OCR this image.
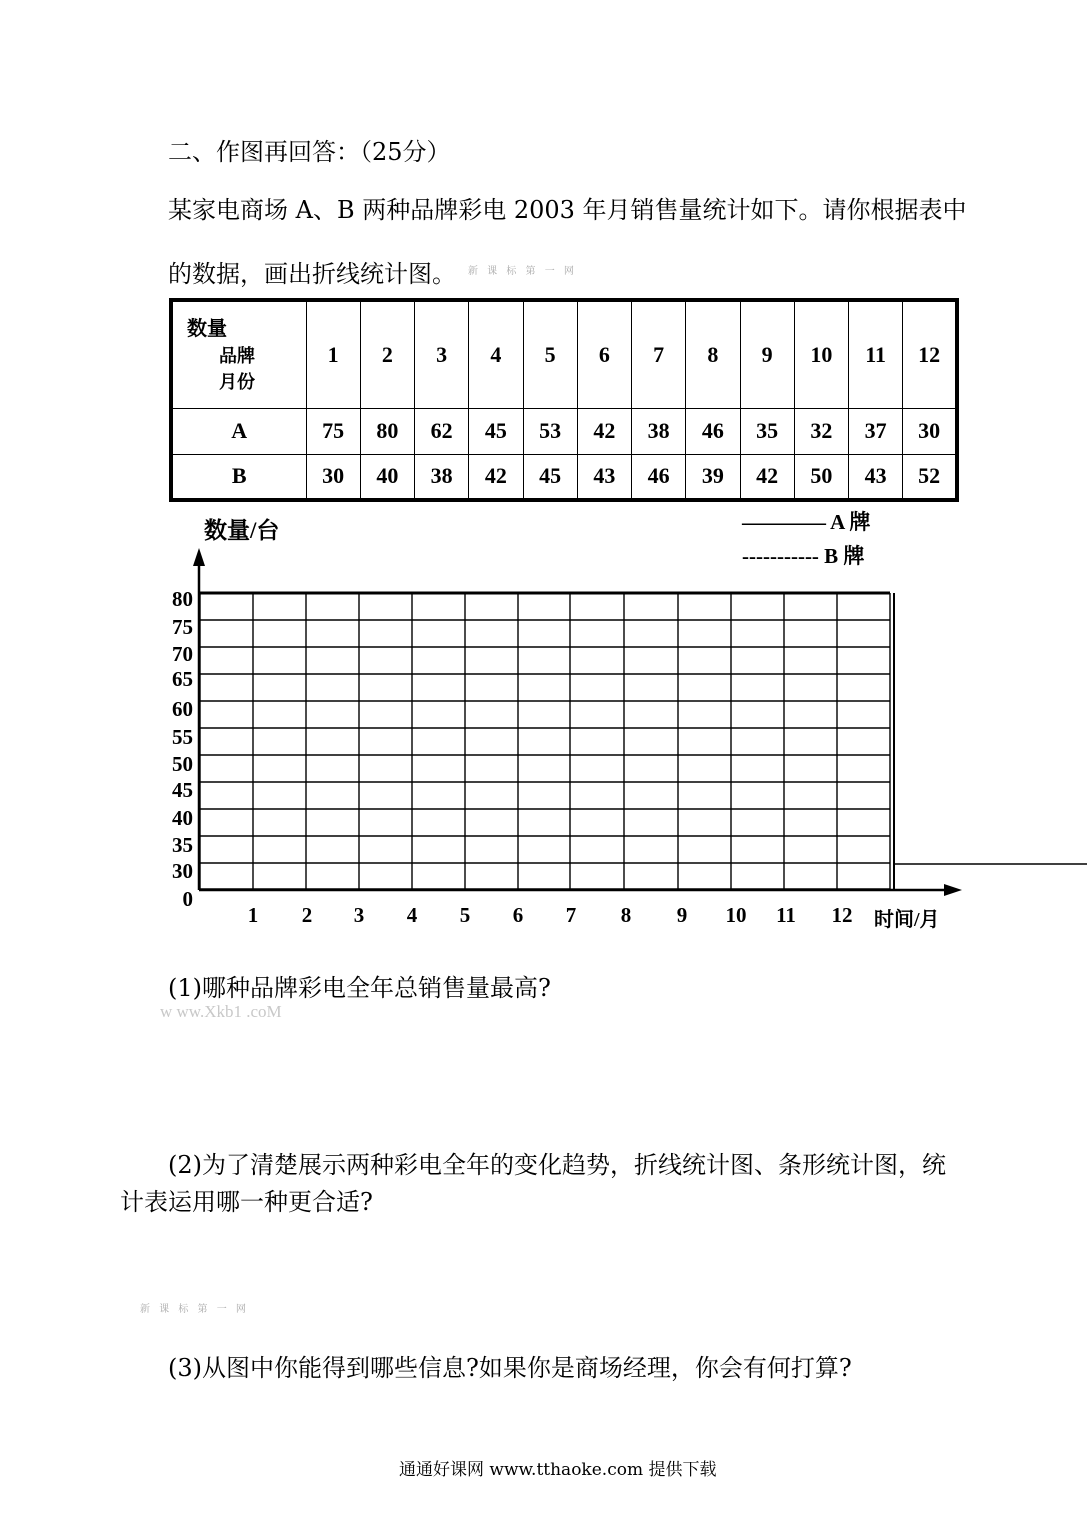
二、作图再回答：（25分）
某家电商场 A、B 两种品牌彩电 2003 年月销售量统计如下。请你根据表中
的数据，画出折线统计图。 新 课 标 第 一 网
数量
品牌
月份	1	2	3	4	5	6	7	8	9	10	11	12
A	75	80	62	45	53	42	38	46	35	32	37	30
B	30	40	38	42	45	43	46	39	42	50	43	52
数量/台	———— A 牌
----------- B 牌
时间/月
80
75
70
65
60
55
50
45
40
35
30
0
1 2 3 4 5 6 7 8 9 10 11 12
(1)哪种品牌彩电全年总销售量最高?
w ww.Xkb1 .coM
(2)为了清楚展示两种彩电全年的变化趋势，折线统计图、条形统计图，统
计表运用哪一种更合适?
新 课 标 第 一 网
(3)从图中你能得到哪些信息?如果你是商场经理，你会有何打算?
通通好课网 www.tthaoke.com 提供下载
